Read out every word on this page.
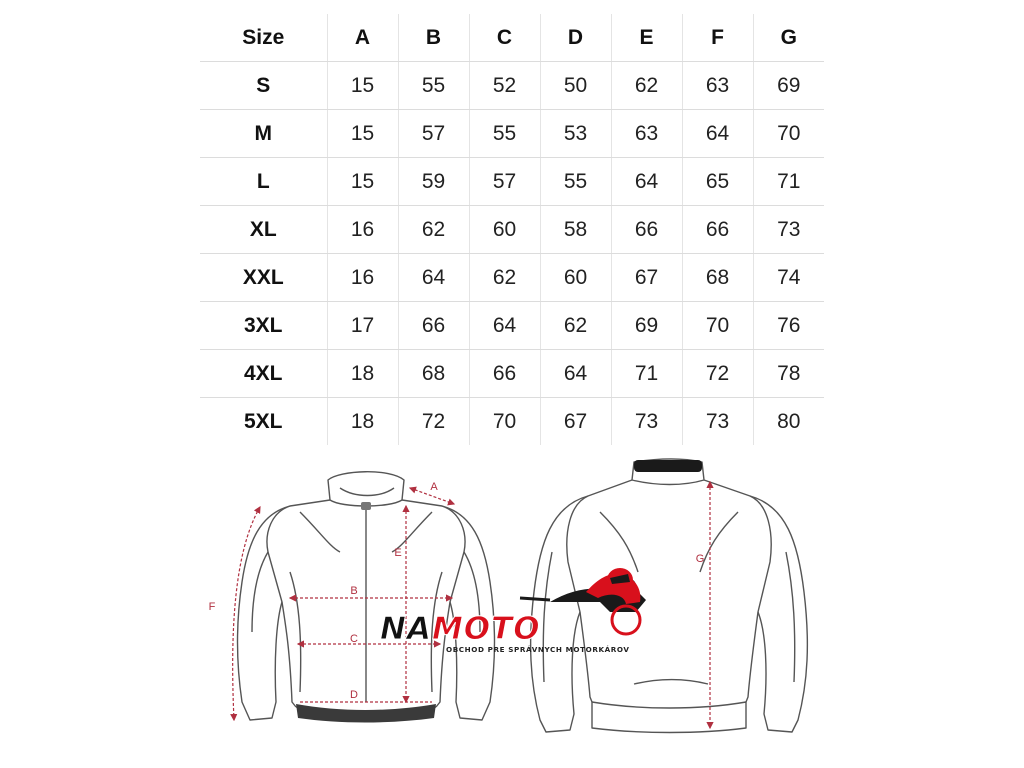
Size	A	B	C	D	E	F	G
S	15	55	52	50	62	63	69
M	15	57	55	53	63	64	70
L	15	59	57	55	64	65	71
XL	16	62	60	58	66	66	73
XXL	16	64	62	60	67	68	74
3XL	17	66	64	62	69	70	76
4XL	18	68	66	64	71	72	78
5XL	18	72	70	67	73	73	80
A
E
B
C
D
F
G
NAMOTO
OBCHOD PRE SPRÁVNYCH MOTORKÁROV
